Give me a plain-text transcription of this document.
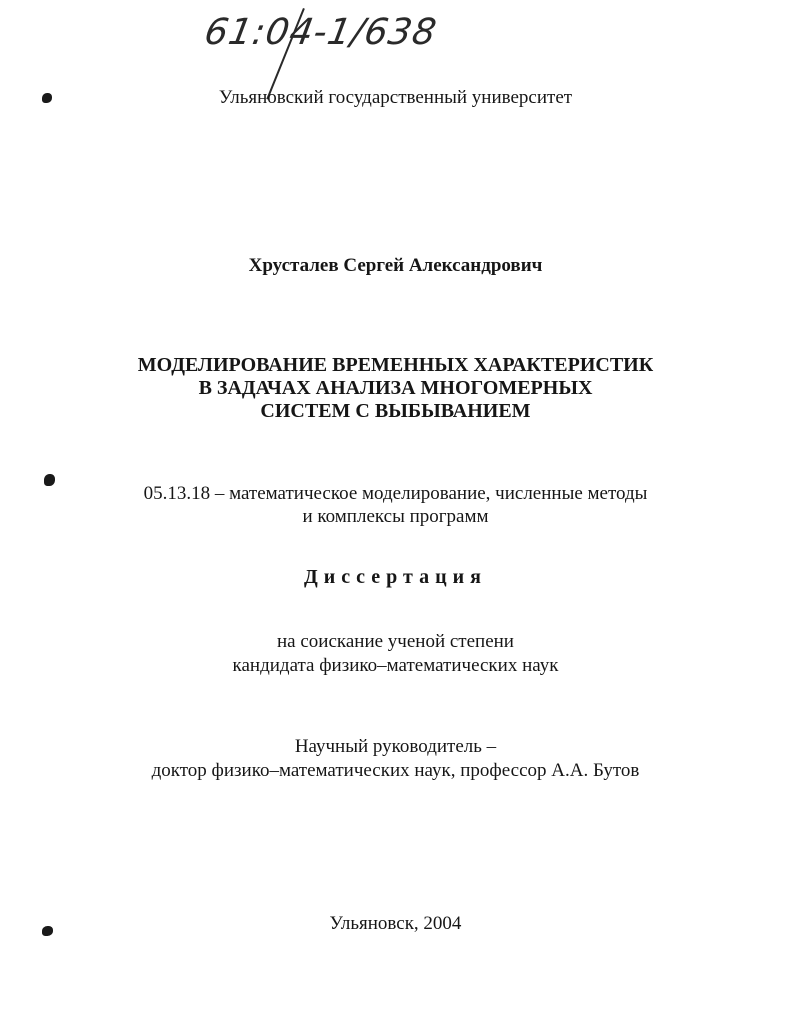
61:04-1/638
Ульяновский государственный университет
Хрусталев Сергей Александрович
МОДЕЛИРОВАНИЕ ВРЕМЕННЫХ ХАРАКТЕРИСТИК
В ЗАДАЧАХ АНАЛИЗА МНОГОМЕРНЫХ
СИСТЕМ С ВЫБЫВАНИЕМ
05.13.18 – математическое моделирование, численные методы
и комплексы программ
Диссертация
на соискание ученой степени
кандидата физико–математических наук
Научный руководитель –
доктор физико–математических наук, профессор А.А. Бутов
Ульяновск, 2004
